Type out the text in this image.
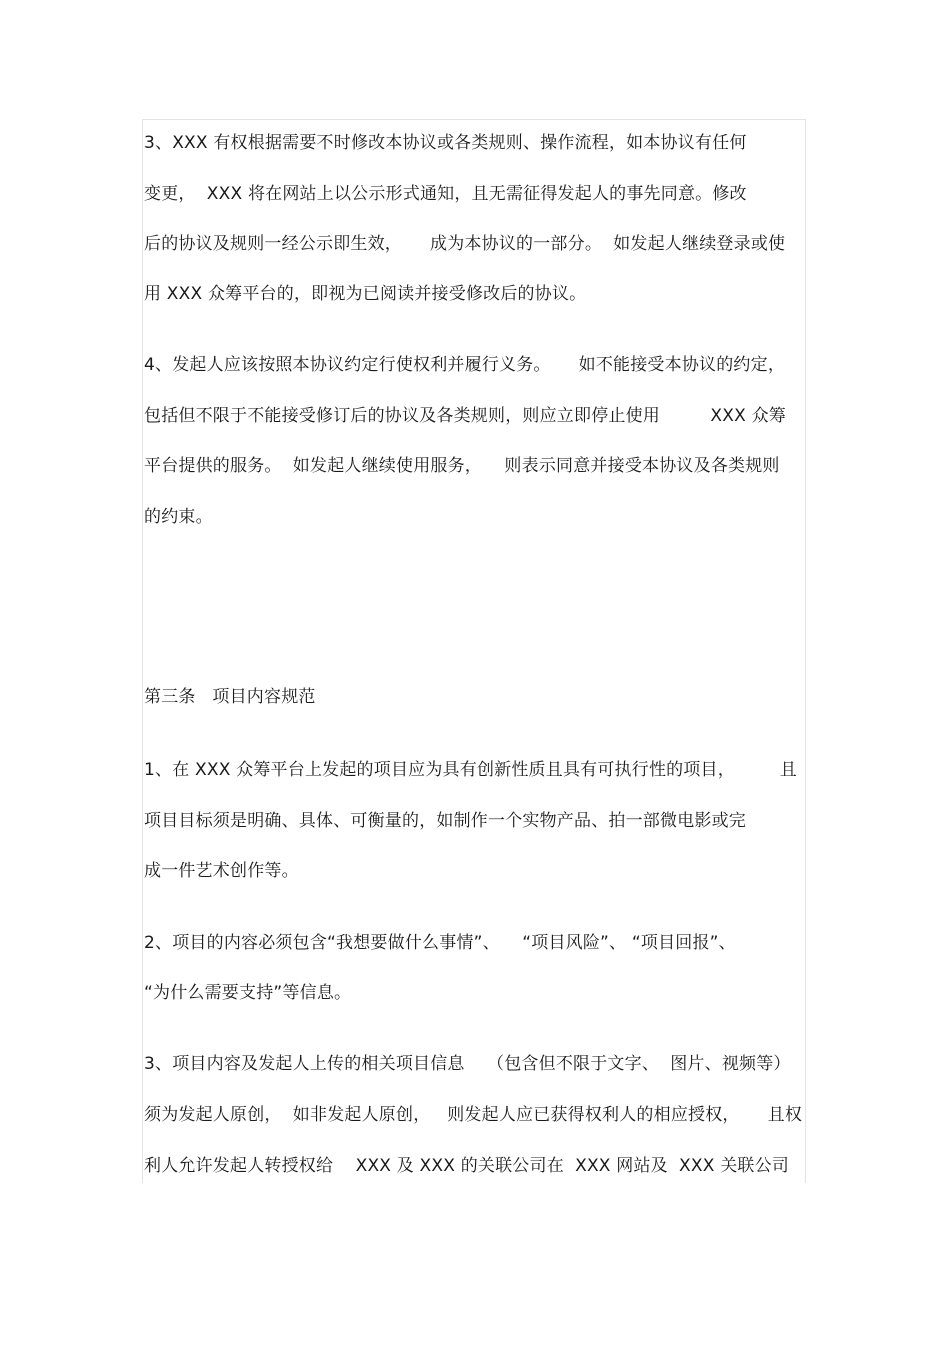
3、XXX 有权根据需要不时修改本协议或各类规则、操作流程，如本协议有任何
变更，  XXX 将在网站上以公示形式通知，且无需征得发起人的事先同意。修改
后的协议及规则一经公示即生效，     成为本协议的一部分。  如发起人继续登录或使
用 XXX 众筹平台的，即视为已阅读并接受修改后的协议。
4、发起人应该按照本协议约定行使权利并履行义务。     如不能接受本协议的约定，
包括但不限于不能接受修订后的协议及各类规则，则应立即停止使用         XXX 众筹
平台提供的服务。  如发起人继续使用服务，    则表示同意并接受本协议及各类规则
的约束。
第三条   项目内容规范
1、在 XXX 众筹平台上发起的项目应为具有创新性质且具有可执行性的项目，        且
项目目标须是明确、具体、可衡量的，如制作一个实物产品、拍一部微电影或完
成一件艺术创作等。
2、项目的内容必须包含“我想要做什么事情”、    “项目风险”、 “项目回报”、
“为什么需要支持”等信息。
3、项目内容及发起人上传的相关项目信息    （包含但不限于文字、  图片、视频等）
须为发起人原创，  如非发起人原创，   则发起人应已获得权利人的相应授权，     且权
利人允许发起人转授权给    XXX 及 XXX 的关联公司在  XXX 网站及  XXX 关联公司
